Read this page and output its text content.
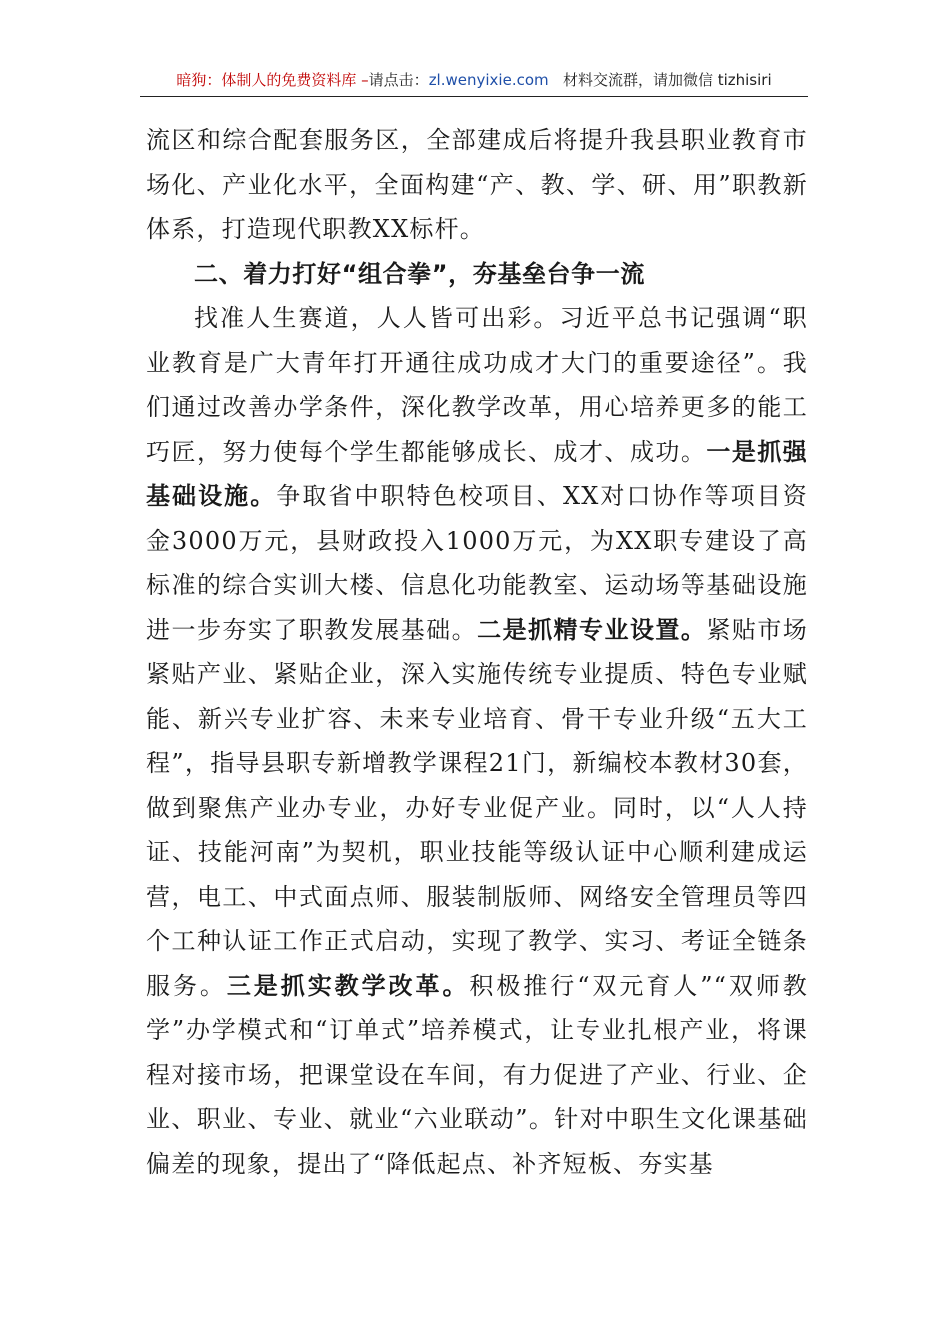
暗狗：体制人的免费资料库 –请点击：zl.wenyixie.com 材料交流群，请加微信 tizhisiri

流区和综合配套服务区，全部建成后将提升我县职业教育市场化、产业化水平，全面构建“产、教、学、研、用”职教新体系，打造现代职教XX标杆。

二、着力打好“组合拳”，夯基垒台争一流

找准人生赛道，人人皆可出彩。习近平总书记强调“职业教育是广大青年打开通往成功成才大门的重要途径”。我们通过改善办学条件，深化教学改革，用心培养更多的能工巧匠，努力使每个学生都能够成长、成才、成功。一是抓强基础设施。争取省中职特色校项目、XX对口协作等项目资金3000万元，县财政投入1000万元，为XX职专建设了高标准的综合实训大楼、信息化功能教室、运动场等基础设施进一步夯实了职教发展基础。二是抓精专业设置。紧贴市场紧贴产业、紧贴企业，深入实施传统专业提质、特色专业赋能、新兴专业扩容、未来专业培育、骨干专业升级“五大工程”，指导县职专新增教学课程21门，新编校本教材30套，做到聚焦产业办专业，办好专业促产业。同时，以“人人持证、技能河南”为契机，职业技能等级认证中心顺利建成运营，电工、中式面点师、服装制版师、网络安全管理员等四个工种认证工作正式启动，实现了教学、实习、考证全链条服务。三是抓实教学改革。积极推行“双元育人”“双师教学”办学模式和“订单式”培养模式，让专业扎根产业，将课程对接市场，把课堂设在车间，有力促进了产业、行业、企业、职业、专业、就业“六业联动”。针对中职生文化课基础偏差的现象，提出了“降低起点、补齐短板、夯实基
